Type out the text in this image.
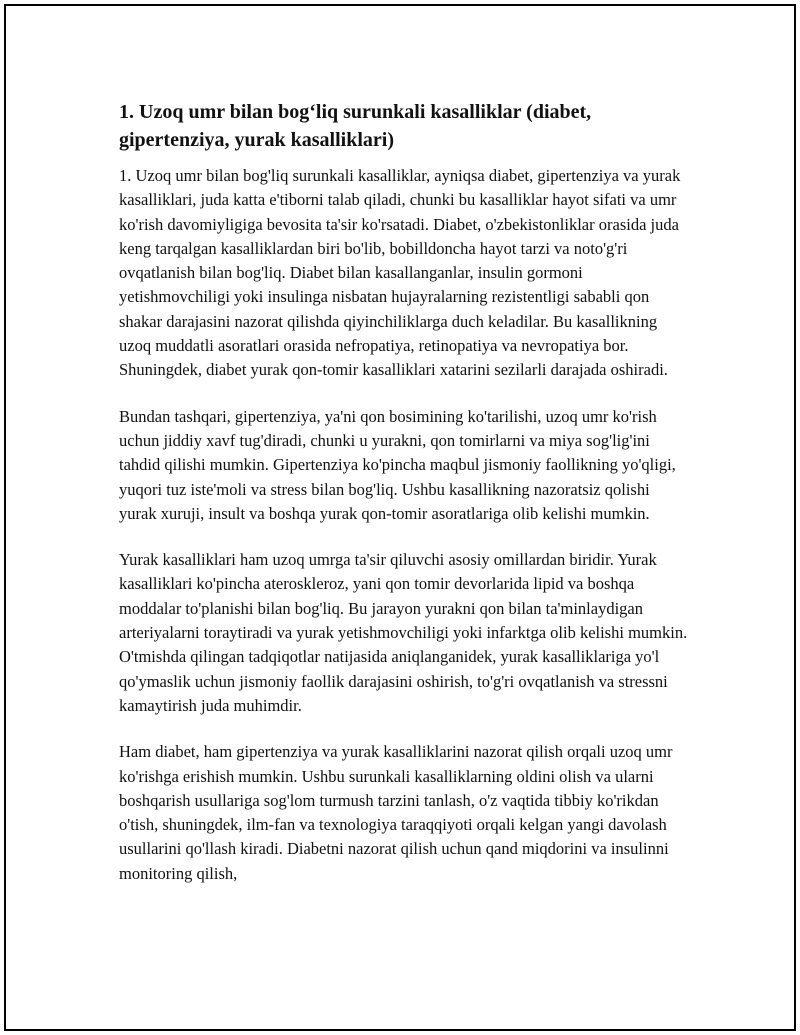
1. Uzoq umr bilan bogʻliq surunkali kasalliklar (diabet, gipertenziya, yurak kasalliklari)

1. Uzoq umr bilan bog'liq surunkali kasalliklar, ayniqsa diabet, gipertenziya va yurak kasalliklari, juda katta e'tiborni talab qiladi, chunki bu kasalliklar hayot sifati va umr ko'rish davomiyligiga bevosita ta'sir ko'rsatadi. Diabet, o'zbekistonliklar orasida juda keng tarqalgan kasalliklardan biri bo'lib, bobilldoncha hayot tarzi va noto'g'ri ovqatlanish bilan bog'liq. Diabet bilan kasallanganlar, insulin gormoni yetishmovchiligi yoki insulinga nisbatan hujayralarning rezistentligi sababli qon shakar darajasini nazorat qilishda qiyinchiliklarga duch keladilar. Bu kasallikning uzoq muddatli asoratlari orasida nefropatiya, retinopatiya va nevropatiya bor. Shuningdek, diabet yurak qon-tomir kasalliklari xatarini sezilarli darajada oshiradi.

Bundan tashqari, gipertenziya, ya'ni qon bosimining ko'tarilishi, uzoq umr ko'rish uchun jiddiy xavf tug'diradi, chunki u yurakni, qon tomirlarni va miya sog'lig'ini tahdid qilishi mumkin. Gipertenziya ko'pincha maqbul jismoniy faollikning yo'qligi, yuqori tuz iste'moli va stress bilan bog'liq. Ushbu kasallikning nazoratsiz qolishi yurak xuruji, insult va boshqa yurak qon-tomir asoratlariga olib kelishi mumkin.

Yurak kasalliklari ham uzoq umrga ta'sir qiluvchi asosiy omillardan biridir. Yurak kasalliklari ko'pincha ateroskleroz, yani qon tomir devorlarida lipid va boshqa moddalar to'planishi bilan bog'liq. Bu jarayon yurakni qon bilan ta'minlaydigan arteriyalarni toraytiradi va yurak yetishmovchiligi yoki infarktga olib kelishi mumkin. O'tmishda qilingan tadqiqotlar natijasida aniqlanganidek, yurak kasalliklariga yo'l qo'ymaslik uchun jismoniy faollik darajasini oshirish, to'g'ri ovqatlanish va stressni kamaytirish juda muhimdir.

Ham diabet, ham gipertenziya va yurak kasalliklarini nazorat qilish orqali uzoq umr ko'rishga erishish mumkin. Ushbu surunkali kasalliklarning oldini olish va ularni boshqarish usullariga sog'lom turmush tarzini tanlash, o'z vaqtida tibbiy ko'rikdan o'tish, shuningdek, ilm-fan va texnologiya taraqqiyoti orqali kelgan yangi davolash usullarini qo'llash kiradi. Diabetni nazorat qilish uchun qand miqdorini va insulinni monitoring qilish,
